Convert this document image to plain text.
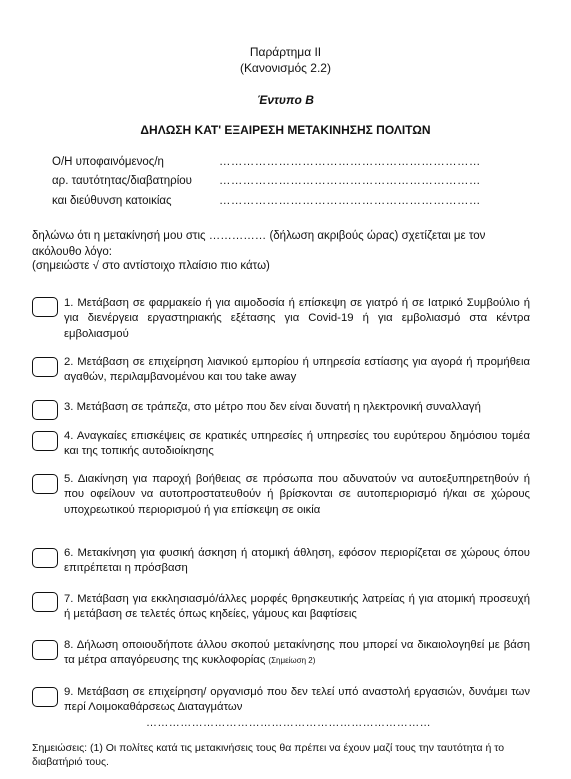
Παράρτημα ΙΙ
(Κανονισμός 2.2)
Έντυπο Β
ΔΗΛΩΣΗ ΚΑΤ' ΕΞΑΙΡΕΣΗ ΜΕΤΑΚΙΝΗΣΗΣ ΠΟΛΙΤΩΝ
Ο/Η υποφαινόμενος/η	…………………………………………………………
αρ. ταυτότητας/διαβατηρίου …………………………………………………………
και διεύθυνση κατοικίας	…………………………………………………………
δηλώνω ότι η μετακίνησή μου στις …………… (δήλωση ακριβούς ώρας) σχετίζεται με τον ακόλουθο λόγο:
(σημειώστε √ στο αντίστοιχο πλαίσιο πιο κάτω)
1. Μετάβαση σε φαρμακείο ή για αιμοδοσία ή επίσκεψη σε γιατρό ή σε Ιατρικό Συμβούλιο ή για διενέργεια εργαστηριακής εξέτασης για Covid-19 ή για εμβολιασμό στα κέντρα εμβολιασμού
2. Μετάβαση σε επιχείρηση λιανικού εμπορίου ή υπηρεσία εστίασης για αγορά ή προμήθεια αγαθών, περιλαμβανομένου και του take away
3. Μετάβαση σε τράπεζα, στο μέτρο που δεν είναι δυνατή η ηλεκτρονική συναλλαγή
4. Αναγκαίες επισκέψεις σε κρατικές υπηρεσίες ή υπηρεσίες του ευρύτερου δημόσιου τομέα και της τοπικής αυτοδιοίκησης
5. Διακίνηση για παροχή βοήθειας σε πρόσωπα που αδυνατούν να αυτοεξυπηρετηθούν ή που οφείλουν να αυτοπροστατευθούν ή βρίσκονται σε αυτοπεριορισμό ή/και σε χώρους υποχρεωτικού περιορισμού ή για επίσκεψη σε οικία
6. Μετακίνηση για φυσική άσκηση ή ατομική άθληση, εφόσον περιορίζεται σε χώρους όπου επιτρέπεται η πρόσβαση
7. Μετάβαση για εκκλησιασμό/άλλες μορφές θρησκευτικής λατρείας ή για ατομική προσευχή ή μετάβαση σε τελετές όπως κηδείες, γάμους και βαφτίσεις
8. Δήλωση οποιουδήποτε άλλου σκοπού μετακίνησης που μπορεί να δικαιολογηθεί με βάση τα μέτρα απαγόρευσης της κυκλοφορίας (Σημείωση 2)
9. Μετάβαση σε επιχείρηση/ οργανισμό που δεν τελεί υπό αναστολή εργασιών, δυνάμει των περί Λοιμοκαθάρσεως Διαταγμάτων
…………………………………………………………………
Σημειώσεις: (1) Οι πολίτες κατά τις μετακινήσεις τους θα πρέπει να έχουν μαζί τους την ταυτότητα ή το διαβατήριό τους.
